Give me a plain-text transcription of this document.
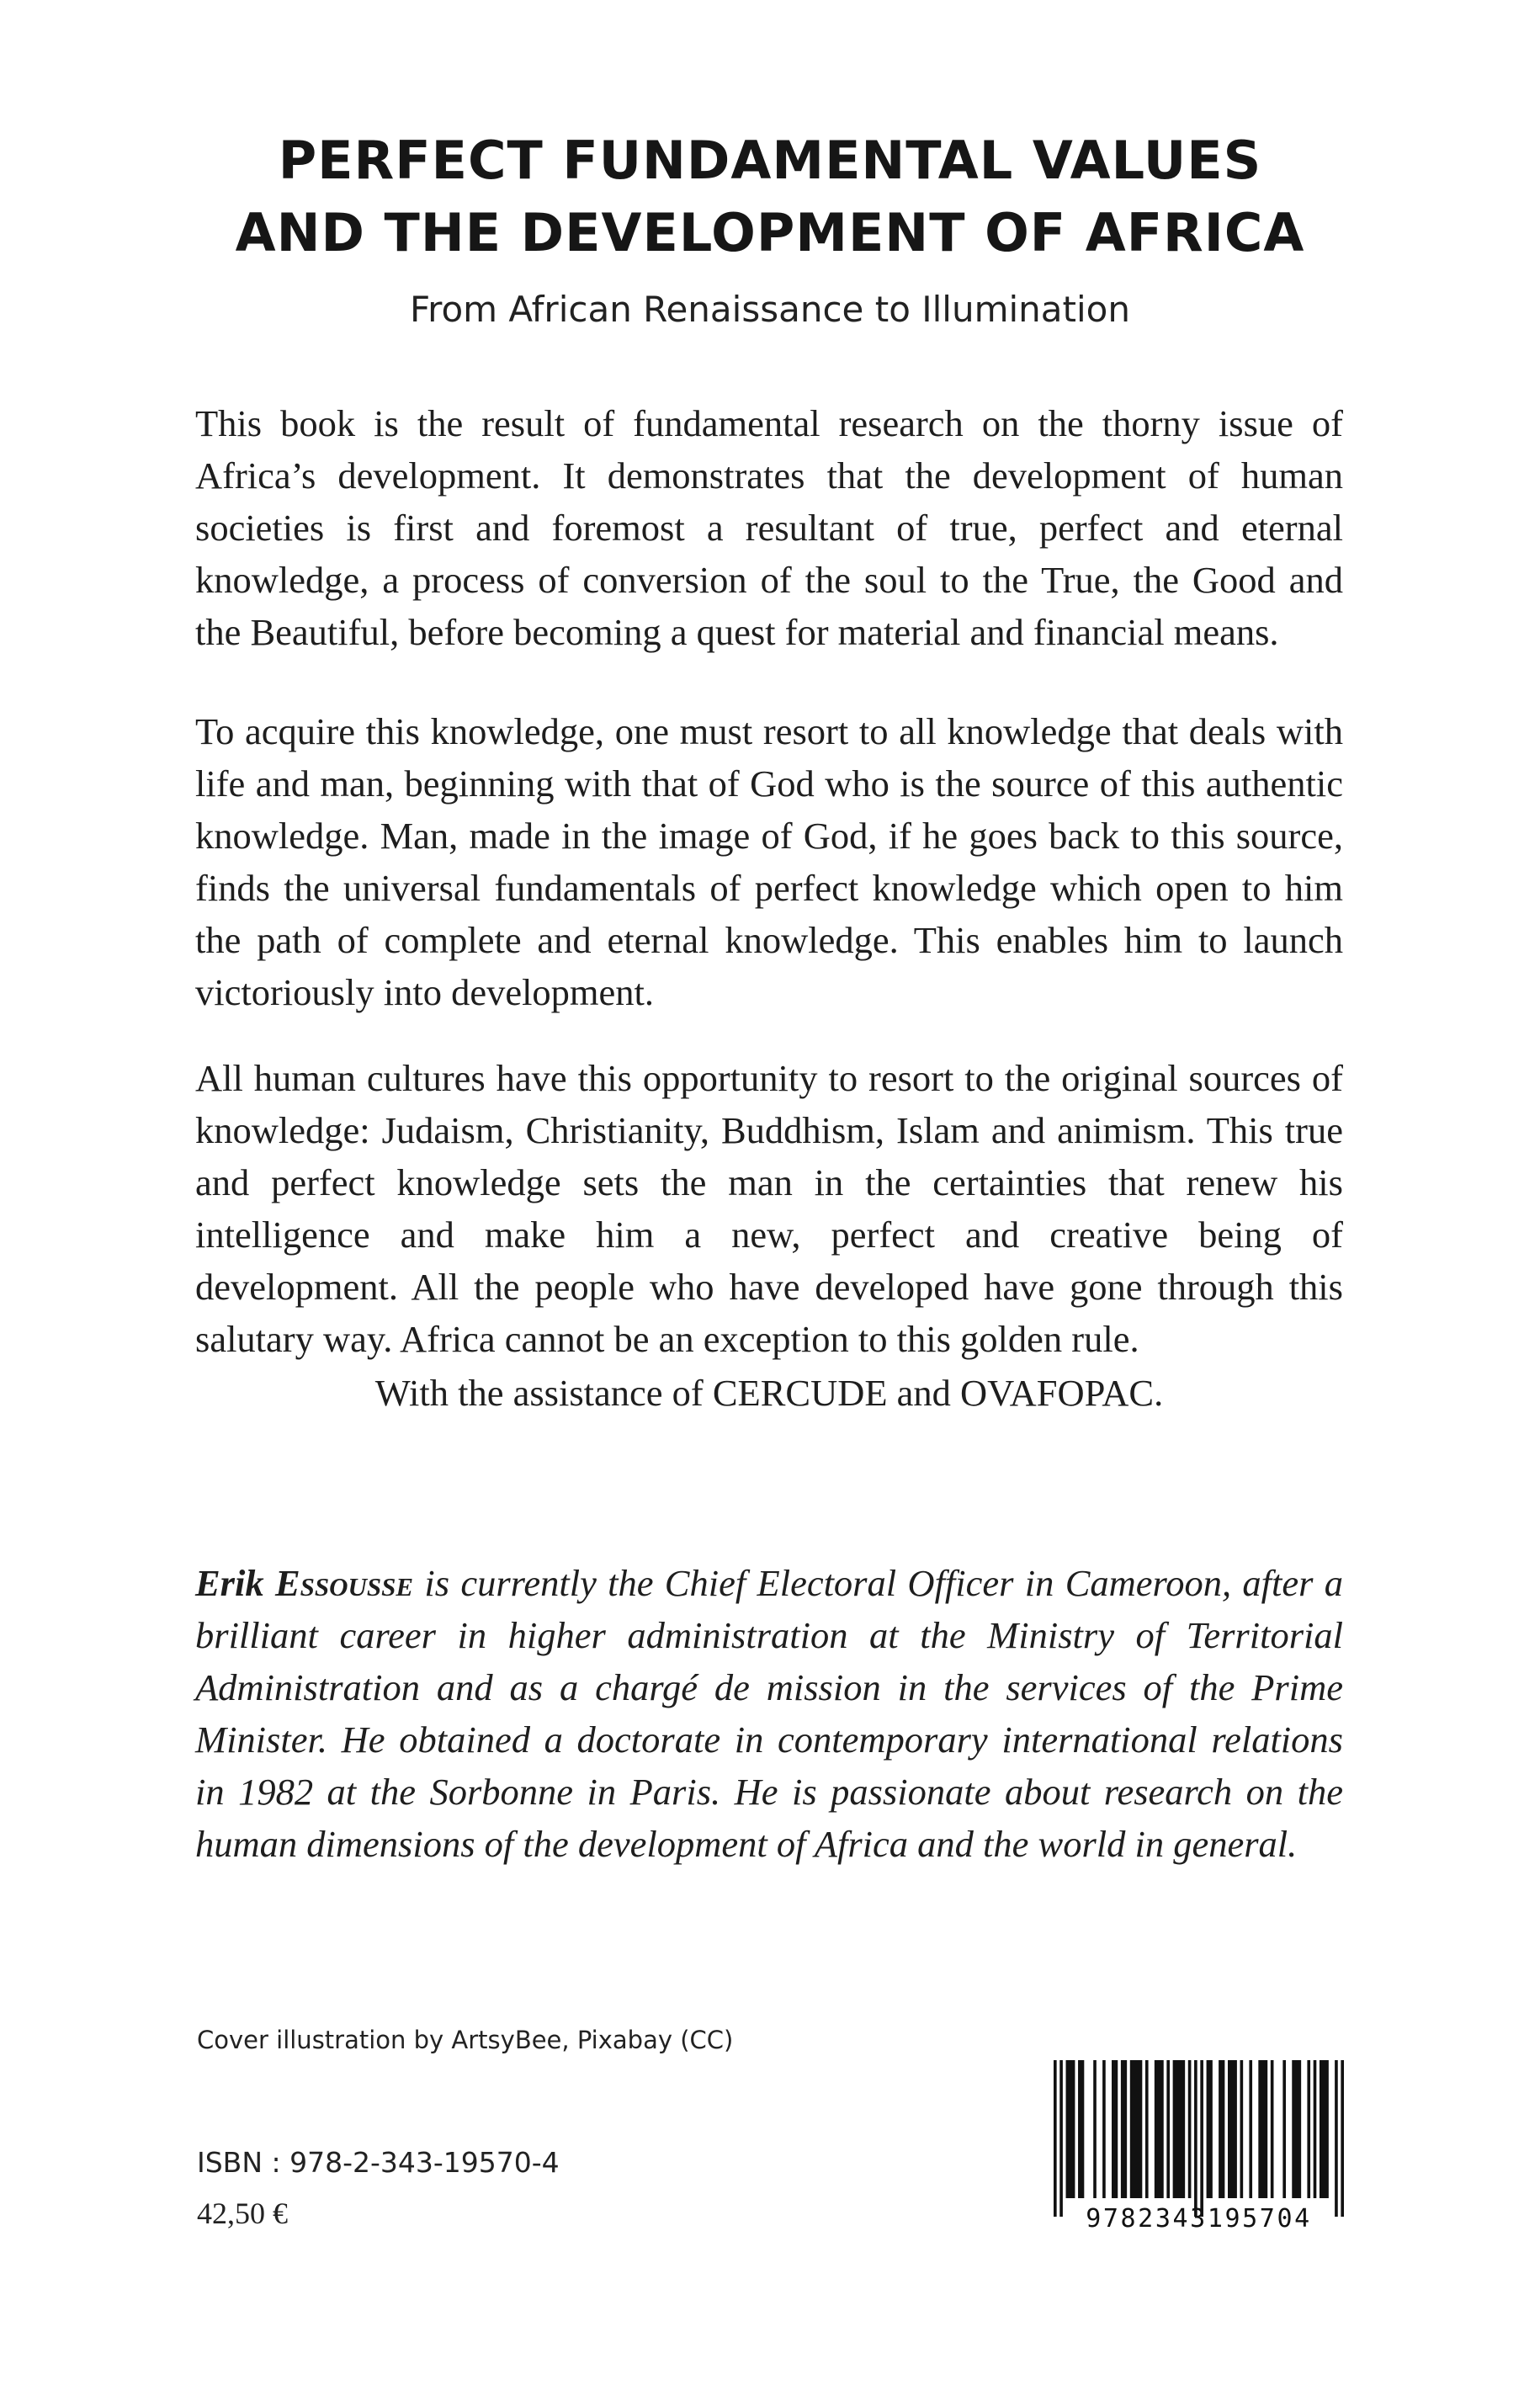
PERFECT FUNDAMENTAL VALUES
AND THE DEVELOPMENT OF AFRICA
From African Renaissance to Illumination

This book is the result of fundamental research on the thorny issue of Africa’s development. It demonstrates that the development of human societies is first and foremost a resultant of true, perfect and eternal knowledge, a process of conversion of the soul to the True, the Good and the Beautiful, before becoming a quest for material and financial means.

To acquire this knowledge, one must resort to all knowledge that deals with life and man, beginning with that of God who is the source of this authentic knowledge. Man, made in the image of God, if he goes back to this source, finds the universal fundamentals of perfect knowledge which open to him the path of complete and eternal knowledge. This enables him to launch victoriously into development.

All human cultures have this opportunity to resort to the original sources of knowledge: Judaism, Christianity, Buddhism, Islam and animism. This true and perfect knowledge sets the man in the certainties that renew his intelligence and make him a new, perfect and creative being of development. All the people who have developed have gone through this salutary way. Africa cannot be an exception to this golden rule.

With the assistance of CERCUDE and OVAFOPAC.

Erik Essousse is currently the Chief Electoral Officer in Cameroon, after a brilliant career in higher administration at the Ministry of Territorial Administration and as a chargé de mission in the services of the Prime Minister. He obtained a doctorate in contemporary international relations in 1982 at the Sorbonne in Paris. He is passionate about research on the human dimensions of the development of Africa and the world in general.

Cover illustration by ArtsyBee, Pixabay (CC)
ISBN : 978-2-343-19570-4
42,50 €	9782343195704
